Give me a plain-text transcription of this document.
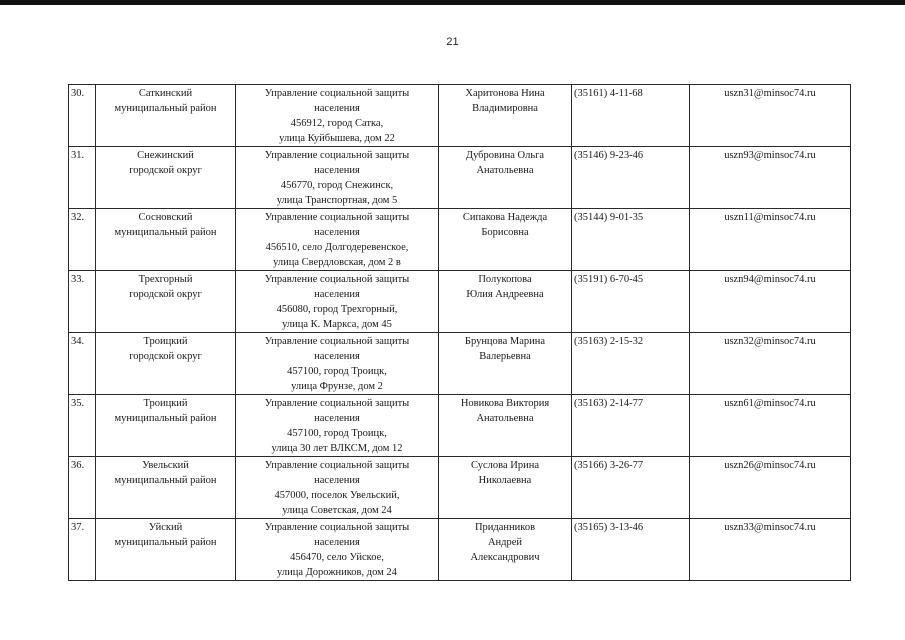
21
30.	Саткинский
муниципальный район	Управление социальной защиты
населения
456912, город Сатка,
улица Куйбышева, дом 22	Харитонова Нина
Владимировна	(35161) 4-11-68	uszn31@minsoc74.ru

31.	Снежинский
городской округ	Управление социальной защиты
населения
456770, город Снежинск,
улица Транспортная, дом 5	Дубровина Ольга
Анатольевна	(35146) 9-23-46	uszn93@minsoc74.ru

32.	Сосновский
муниципальный район	Управление социальной защиты
населения
456510, село Долгодеревенское,
улица Свердловская, дом 2 в	Сипакова Надежда
Борисовна	(35144) 9-01-35	uszn11@minsoc74.ru

33.	Трехгорный
городской округ	Управление социальной защиты
населения
456080, город Трехгорный,
улица К. Маркса, дом 45	Полукопова
Юлия Андреевна	(35191) 6-70-45	uszn94@minsoc74.ru

34.	Троицкий
городской округ	Управление социальной защиты
населения
457100, город Троицк,
улица Фрунзе, дом 2	Брунцова Марина
Валерьевна	(35163) 2-15-32	uszn32@minsoc74.ru

35.	Троицкий
муниципальный район	Управление социальной защиты
населения
457100, город Троицк,
улица 30 лет ВЛКСМ, дом 12	Новикова Виктория
Анатольевна	(35163) 2-14-77	uszn61@minsoc74.ru

36.	Увельский
муниципальный район	Управление социальной защиты
населения
457000, поселок Увельский,
улица Советская, дом 24	Суслова Ирина
Николаевна	(35166) 3-26-77	uszn26@minsoc74.ru

37.	Уйский
муниципальный район	Управление социальной защиты
населения
456470, село Уйское,
улица Дорожников, дом 24	Приданников
Андрей
Александрович	(35165) 3-13-46	uszn33@minsoc74.ru
